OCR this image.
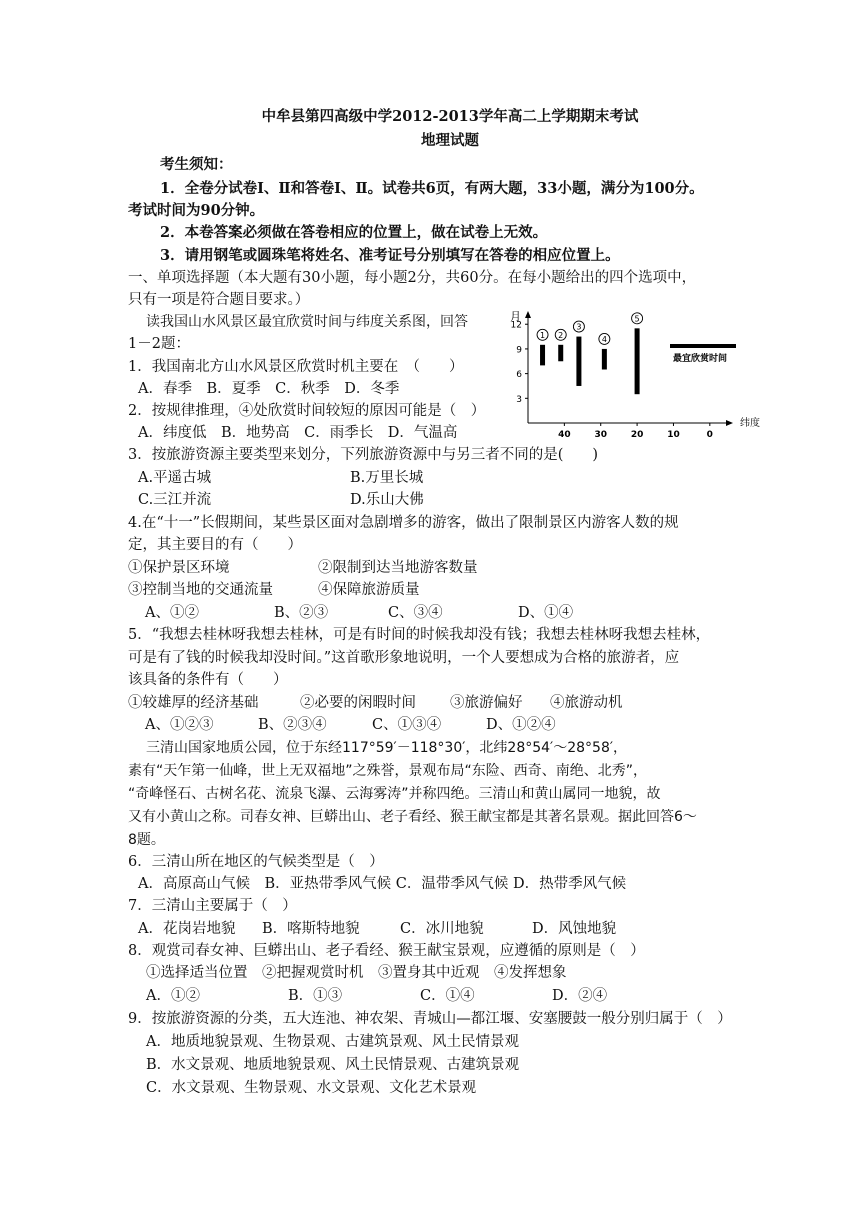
中牟县第四高级中学2012-2013学年高二上学期期末考试
地理试题
考生须知：
1．全卷分试卷Ⅰ、Ⅱ和答卷Ⅰ、Ⅱ。试卷共6页，有两大题，33小题，满分为100分。
考试时间为90分钟。
2．本卷答案必须做在答卷相应的位置上，做在试卷上无效。
3．请用钢笔或圆珠笔将姓名、准考证号分别填写在答卷的相应位置上。
一、单项选择题（本大题有30小题，每小题2分，共60分。在每小题给出的四个选项中，
只有一项是符合题目要求。）
读我国山水风景区最宜欣赏时间与纬度关系图，回答
1－2题：
月
纬度
12
9
6
3
40	30	20	10	0
1 2
3
4
5
最宜欣赏时间
1．我国南北方山水风景区欣赏时机主要在　（　　）
A．春季　B．夏季　C．秋季　D．冬季
2．按规律推理，④处欣赏时间较短的原因可能是（　）
A．纬度低　B．地势高　C．雨季长　D．气温高
3．按旅游资源主要类型来划分，下列旅游资源中与另三者不同的是(　　)
A.平遥古城	B.万里长城
C.三江并流	D.乐山大佛
4.在“十一”长假期间，某些景区面对急剧增多的游客，做出了限制景区内游客人数的规
定，其主要目的有（　　）
①保护景区环境	②限制到达当地游客数量
③控制当地的交通流量	④保障旅游质量
A、①②	B、②③	C、③④	D、①④
5．“我想去桂林呀我想去桂林，可是有时间的时候我却没有钱；我想去桂林呀我想去桂林，
可是有了钱的时候我却没时间。”这首歌形象地说明，一个人要想成为合格的旅游者，应
该具备的条件有（　　）
①较雄厚的经济基础	②必要的闲暇时间 ③旅游偏好 ④旅游动机
A、①②③	B、②③④	C、①③④	D、①②④
三清山国家地质公园，位于东经117°59′－118°30′，北纬28°54′～28°58′，
素有“天乍第一仙峰，世上无双福地”之殊誉，景观布局“东险、西奇、南绝、北秀”，
“奇峰怪石、古树名花、流泉飞瀑、云海雾涛”并称四绝。三清山和黄山属同一地貌，故
又有小黄山之称。司春女神、巨蟒出山、老子看经、猴王献宝都是其著名景观。据此回答6～
8题。
6．三清山所在地区的气候类型是（　）
A．高原高山气候　B．亚热带季风气候 C．温带季风气候 D．热带季风气候
7．三清山主要属于（　）
A．花岗岩地貌 B．喀斯特地貌	C．冰川地貌	D．风蚀地貌
8．观赏司春女神、巨蟒出山、老子看经、猴王献宝景观，应遵循的原则是（　）
①选择适当位置　②把握观赏时机　③置身其中近观　④发挥想象
A．①②	B．①③	C．①④	D．②④
9．按旅游资源的分类，五大连池、神农架、青城山—都江堰、安塞腰鼓一般分别归属于（　）
A．地质地貌景观、生物景观、古建筑景观、风土民情景观
B．水文景观、地质地貌景观、风土民情景观、古建筑景观
C．水文景观、生物景观、水文景观、文化艺术景观
